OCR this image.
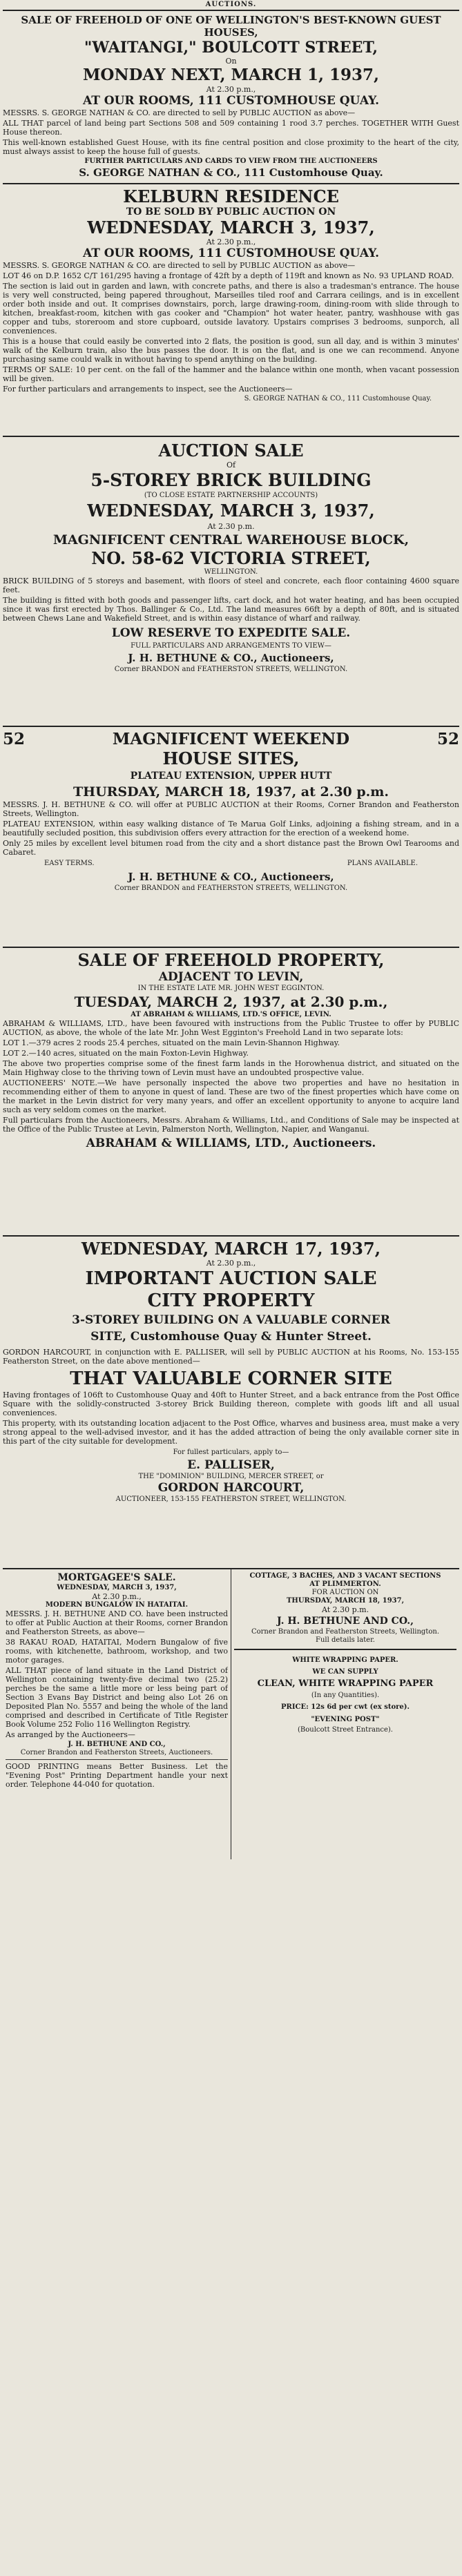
AUCTIONS.
SALE OF FREEHOLD OF ONE OF WELLINGTON'S BEST-KNOWN GUEST HOUSES,
"WAITANGI," BOULCOTT STREET,
On
MONDAY NEXT, MARCH 1, 1937,
At 2.30 p.m.,
AT OUR ROOMS, 111 CUSTOMHOUSE QUAY.

MESSRS. S. GEORGE NATHAN & CO. are directed to sell by PUBLIC AUCTION as above—

ALL THAT parcel of land being part Sections 508 and 509 containing 1 rood 3.7 perches. TOGETHER WITH Guest House thereon.

This well-known established Guest House, with its fine central position and close proximity to the heart of the city, must always assist to keep the house full of guests.

FURTHER PARTICULARS AND CARDS TO VIEW FROM THE AUCTIONEERS
S. GEORGE NATHAN & CO., 111 Customhouse Quay.
KELBURN RESIDENCE
TO BE SOLD BY PUBLIC AUCTION ON
WEDNESDAY, MARCH 3, 1937,
At 2.30 p.m.,
AT OUR ROOMS, 111 CUSTOMHOUSE QUAY.

MESSRS. S. GEORGE NATHAN & CO. are directed to sell by PUBLIC AUCTION as above—

LOT 46 on D.P. 1652 C/T 161/295 having a frontage of 42ft by a depth of 119ft and known as No. 93 UPLAND ROAD.

The section is laid out in garden and lawn, with concrete paths, and there is also a tradesman's entrance. The house is very well constructed, being papered throughout, Marseilles tiled roof and Carrara ceilings, and is in excellent order both inside and out. It comprises downstairs, porch, large drawing-room, dining-room with slide through to kitchen, breakfast-room, kitchen with gas cooker and "Champion" hot water heater, pantry, washhouse with gas copper and tubs, storeroom and store cupboard, outside lavatory. Upstairs comprises 3 bedrooms, sunporch, all conveniences.

This is a house that could easily be converted into 2 flats, the position is good, sun all day, and is within 3 minutes' walk of the Kelburn train, also the bus passes the door. It is on the flat, and is one we can recommend. Anyone purchasing same could walk in without having to spend anything on the building.

TERMS OF SALE: 10 per cent. on the fall of the hammer and the balance within one month, when vacant possession will be given.

For further particulars and arrangements to inspect, see the Auctioneers—

S. GEORGE NATHAN & CO., 111 Customhouse Quay.
AUCTION SALE
Of
5-STOREY BRICK BUILDING
(TO CLOSE ESTATE PARTNERSHIP ACCOUNTS)
WEDNESDAY, MARCH 3, 1937,
At 2.30 p.m.
MAGNIFICENT CENTRAL WAREHOUSE BLOCK,
NO. 58-62 VICTORIA STREET,
WELLINGTON.

BRICK BUILDING of 5 storeys and basement, with floors of steel and concrete, each floor containing 4600 square feet.

The building is fitted with both goods and passenger lifts, cart dock, and hot water heating, and has been occupied since it was first erected by Thos. Ballinger & Co., Ltd. The land measures 66ft by a depth of 80ft, and is situated between Chews Lane and Wakefield Street, and is within easy distance of wharf and railway.

LOW RESERVE TO EXPEDITE SALE.
FULL PARTICULARS AND ARRANGEMENTS TO VIEW—
J. H. BETHUNE & CO., Auctioneers,
Corner BRANDON and FEATHERSTON STREETS, WELLINGTON.
52	MAGNIFICENT WEEKEND	52
HOUSE SITES,
PLATEAU EXTENSION, UPPER HUTT
THURSDAY, MARCH 18, 1937, at 2.30 p.m.

MESSRS. J. H. BETHUNE & CO. will offer at PUBLIC AUCTION at their Rooms, Corner Brandon and Featherston Streets, Wellington.

PLATEAU EXTENSION, within easy walking distance of Te Marua Golf Links, adjoining a fishing stream, and in a beautifully secluded position, this subdivision offers every attraction for the erection of a weekend home.

Only 25 miles by excellent level bitumen road from the city and a short distance past the Brown Owl Tearooms and Cabaret.

EASY TERMS.	PLANS AVAILABLE.
J. H. BETHUNE & CO., Auctioneers,
Corner BRANDON and FEATHERSTON STREETS, WELLINGTON.
SALE OF FREEHOLD PROPERTY,
ADJACENT TO LEVIN,
IN THE ESTATE LATE MR. JOHN WEST EGGINTON.
TUESDAY, MARCH 2, 1937, at 2.30 p.m.,
AT ABRAHAM & WILLIAMS, LTD.'S OFFICE, LEVIN.

ABRAHAM & WILLIAMS, LTD., have been favoured with instructions from the Public Trustee to offer by PUBLIC AUCTION, as above, the whole of the late Mr. John West Egginton's Freehold Land in two separate lots:

LOT 1.—379 acres 2 roods 25.4 perches, situated on the main Levin-Shannon Highway.

LOT 2.—140 acres, situated on the main Foxton-Levin Highway.

The above two properties comprise some of the finest farm lands in the Horowhenua district, and situated on the Main Highway close to the thriving town of Levin must have an undoubted prospective value.

AUCTIONEERS' NOTE.—We have personally inspected the above two properties and have no hesitation in recommending either of them to anyone in quest of land. These are two of the finest properties which have come on the market in the Levin district for very many years, and offer an excellent opportunity to anyone to acquire land such as very seldom comes on the market.

Full particulars from the Auctioneers, Messrs. Abraham & Williams, Ltd., and Conditions of Sale may be inspected at the Office of the Public Trustee at Levin, Palmerston North, Wellington, Napier, and Wanganui.

ABRAHAM & WILLIAMS, LTD., Auctioneers.
WEDNESDAY, MARCH 17, 1937,
At 2.30 p.m.,
IMPORTANT AUCTION SALE
CITY PROPERTY
3-STOREY BUILDING ON A VALUABLE CORNER
SITE, Customhouse Quay & Hunter Street.

GORDON HARCOURT, in conjunction with E. PALLISER, will sell by PUBLIC AUCTION at his Rooms, No. 153-155 Featherston Street, on the date above mentioned—

THAT VALUABLE CORNER SITE

Having frontages of 106ft to Customhouse Quay and 40ft to Hunter Street, and a back entrance from the Post Office Square with the solidly-constructed 3-storey Brick Building thereon, complete with goods lift and all usual conveniences.

This property, with its outstanding location adjacent to the Post Office, wharves and business area, must make a very strong appeal to the well-advised investor, and it has the added attraction of being the only available corner site in this part of the city suitable for development.

For fullest particulars, apply to—
E. PALLISER,
THE "DOMINION" BUILDING, MERCER STREET, or
GORDON HARCOURT,
AUCTIONEER, 153-155 FEATHERSTON STREET, WELLINGTON.
MORTGAGEE'S SALE.
WEDNESDAY, MARCH 3, 1937,
At 2.30 p.m.,
MODERN BUNGALOW IN HATAITAI.

MESSRS. J. H. BETHUNE AND CO. have been instructed to offer at Public Auction at their Rooms, corner Brandon and Featherston Streets, as above—

38 RAKAU ROAD, HATAITAI, Modern Bungalow of five rooms, with kitchenette, bathroom, workshop, and two motor garages.

ALL THAT piece of land situate in the Land District of Wellington containing twenty-five decimal two (25.2) perches be the same a little more or less being part of Section 3 Evans Bay District and being also Lot 26 on Deposited Plan No. 5557 and being the whole of the land comprised and described in Certificate of Title Register Book Volume 252 Folio 116 Wellington Registry.

As arranged by the Auctioneers—

J. H. BETHUNE AND CO.,
Corner Brandon and Featherston Streets, Auctioneers.

GOOD PRINTING means Better Business. Let the "Evening Post" Printing Department handle your next order. Telephone 44-040 for quotation.

COTTAGE, 3 BACHES, AND 3 VACANT SECTIONS
AT PLIMMERTON.
FOR AUCTION ON
THURSDAY, MARCH 18, 1937,
At 2.30 p.m.
J. H. BETHUNE AND CO.,
Corner Brandon and Featherston Streets, Wellington.
Full details later.
WHITE WRAPPING PAPER.
WE CAN SUPPLY
CLEAN, WHITE WRAPPING PAPER
(In any Quantities).
PRICE: 12s 6d per cwt (ex store).
"EVENING POST"
(Boulcott Street Entrance).
